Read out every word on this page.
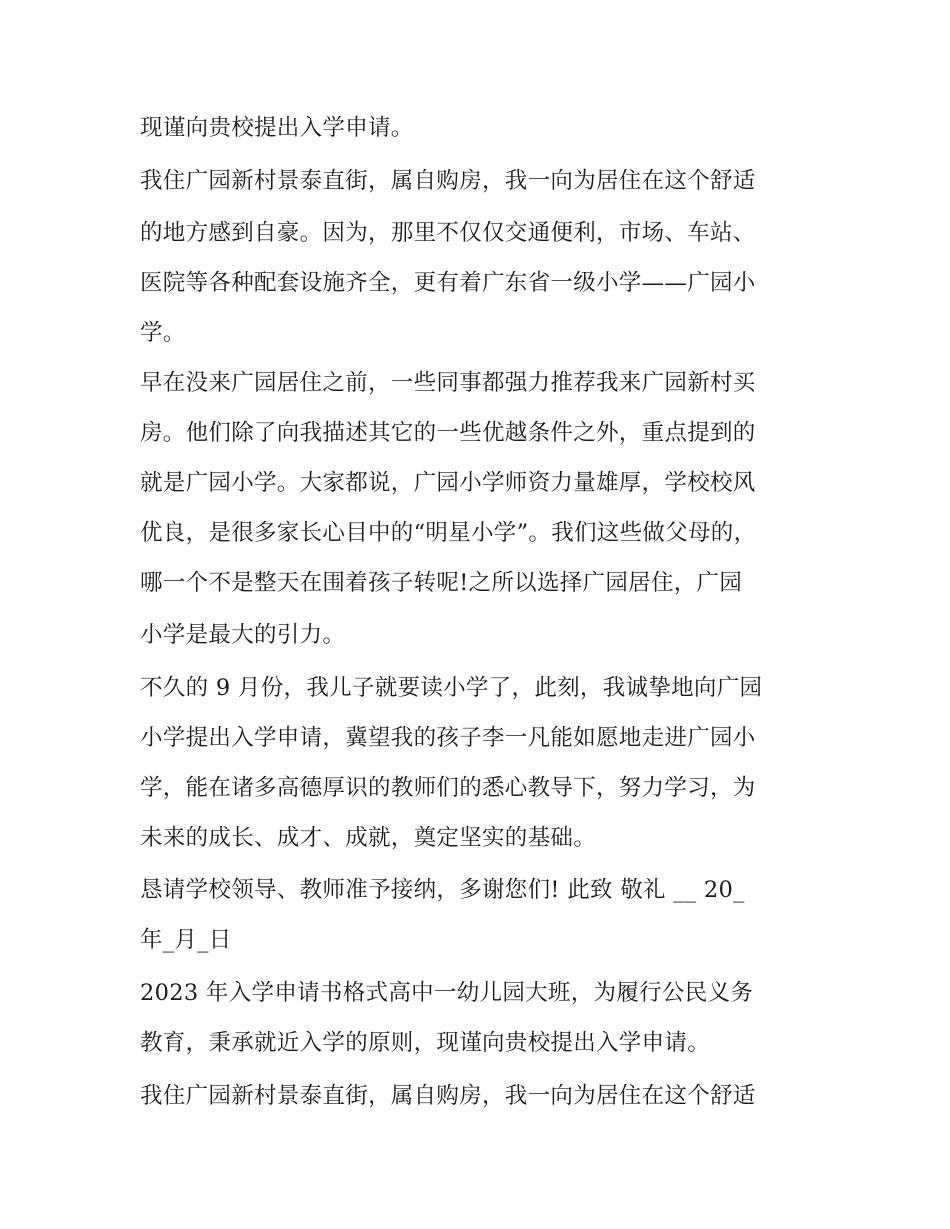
现谨向贵校提出入学申请。
我住广园新村景泰直街，属自购房，我一向为居住在这个舒适
的地方感到自豪。因为，那里不仅仅交通便利，市场、车站、
医院等各种配套设施齐全，更有着广东省一级小学——广园小
学。
早在没来广园居住之前，一些同事都强力推荐我来广园新村买
房。他们除了向我描述其它的一些优越条件之外，重点提到的
就是广园小学。大家都说，广园小学师资力量雄厚，学校校风
优良，是很多家长心目中的“明星小学”。我们这些做父母的，
哪一个不是整天在围着孩子转呢!之所以选择广园居住，广园
小学是最大的引力。
不久的 9 月份，我儿子就要读小学了，此刻，我诚挚地向广园
小学提出入学申请，冀望我的孩子李一凡能如愿地走进广园小
学，能在诸多高德厚识的教师们的悉心教导下，努力学习，为
未来的成长、成才、成就，奠定坚实的基础。
恳请学校领导、教师准予接纳，多谢您们! 此致 敬礼 __ 20_
年_月_日
2023 年入学申请书格式高中一幼儿园大班，为履行公民义务
教育，秉承就近入学的原则，现谨向贵校提出入学申请。
我住广园新村景泰直街，属自购房，我一向为居住在这个舒适
